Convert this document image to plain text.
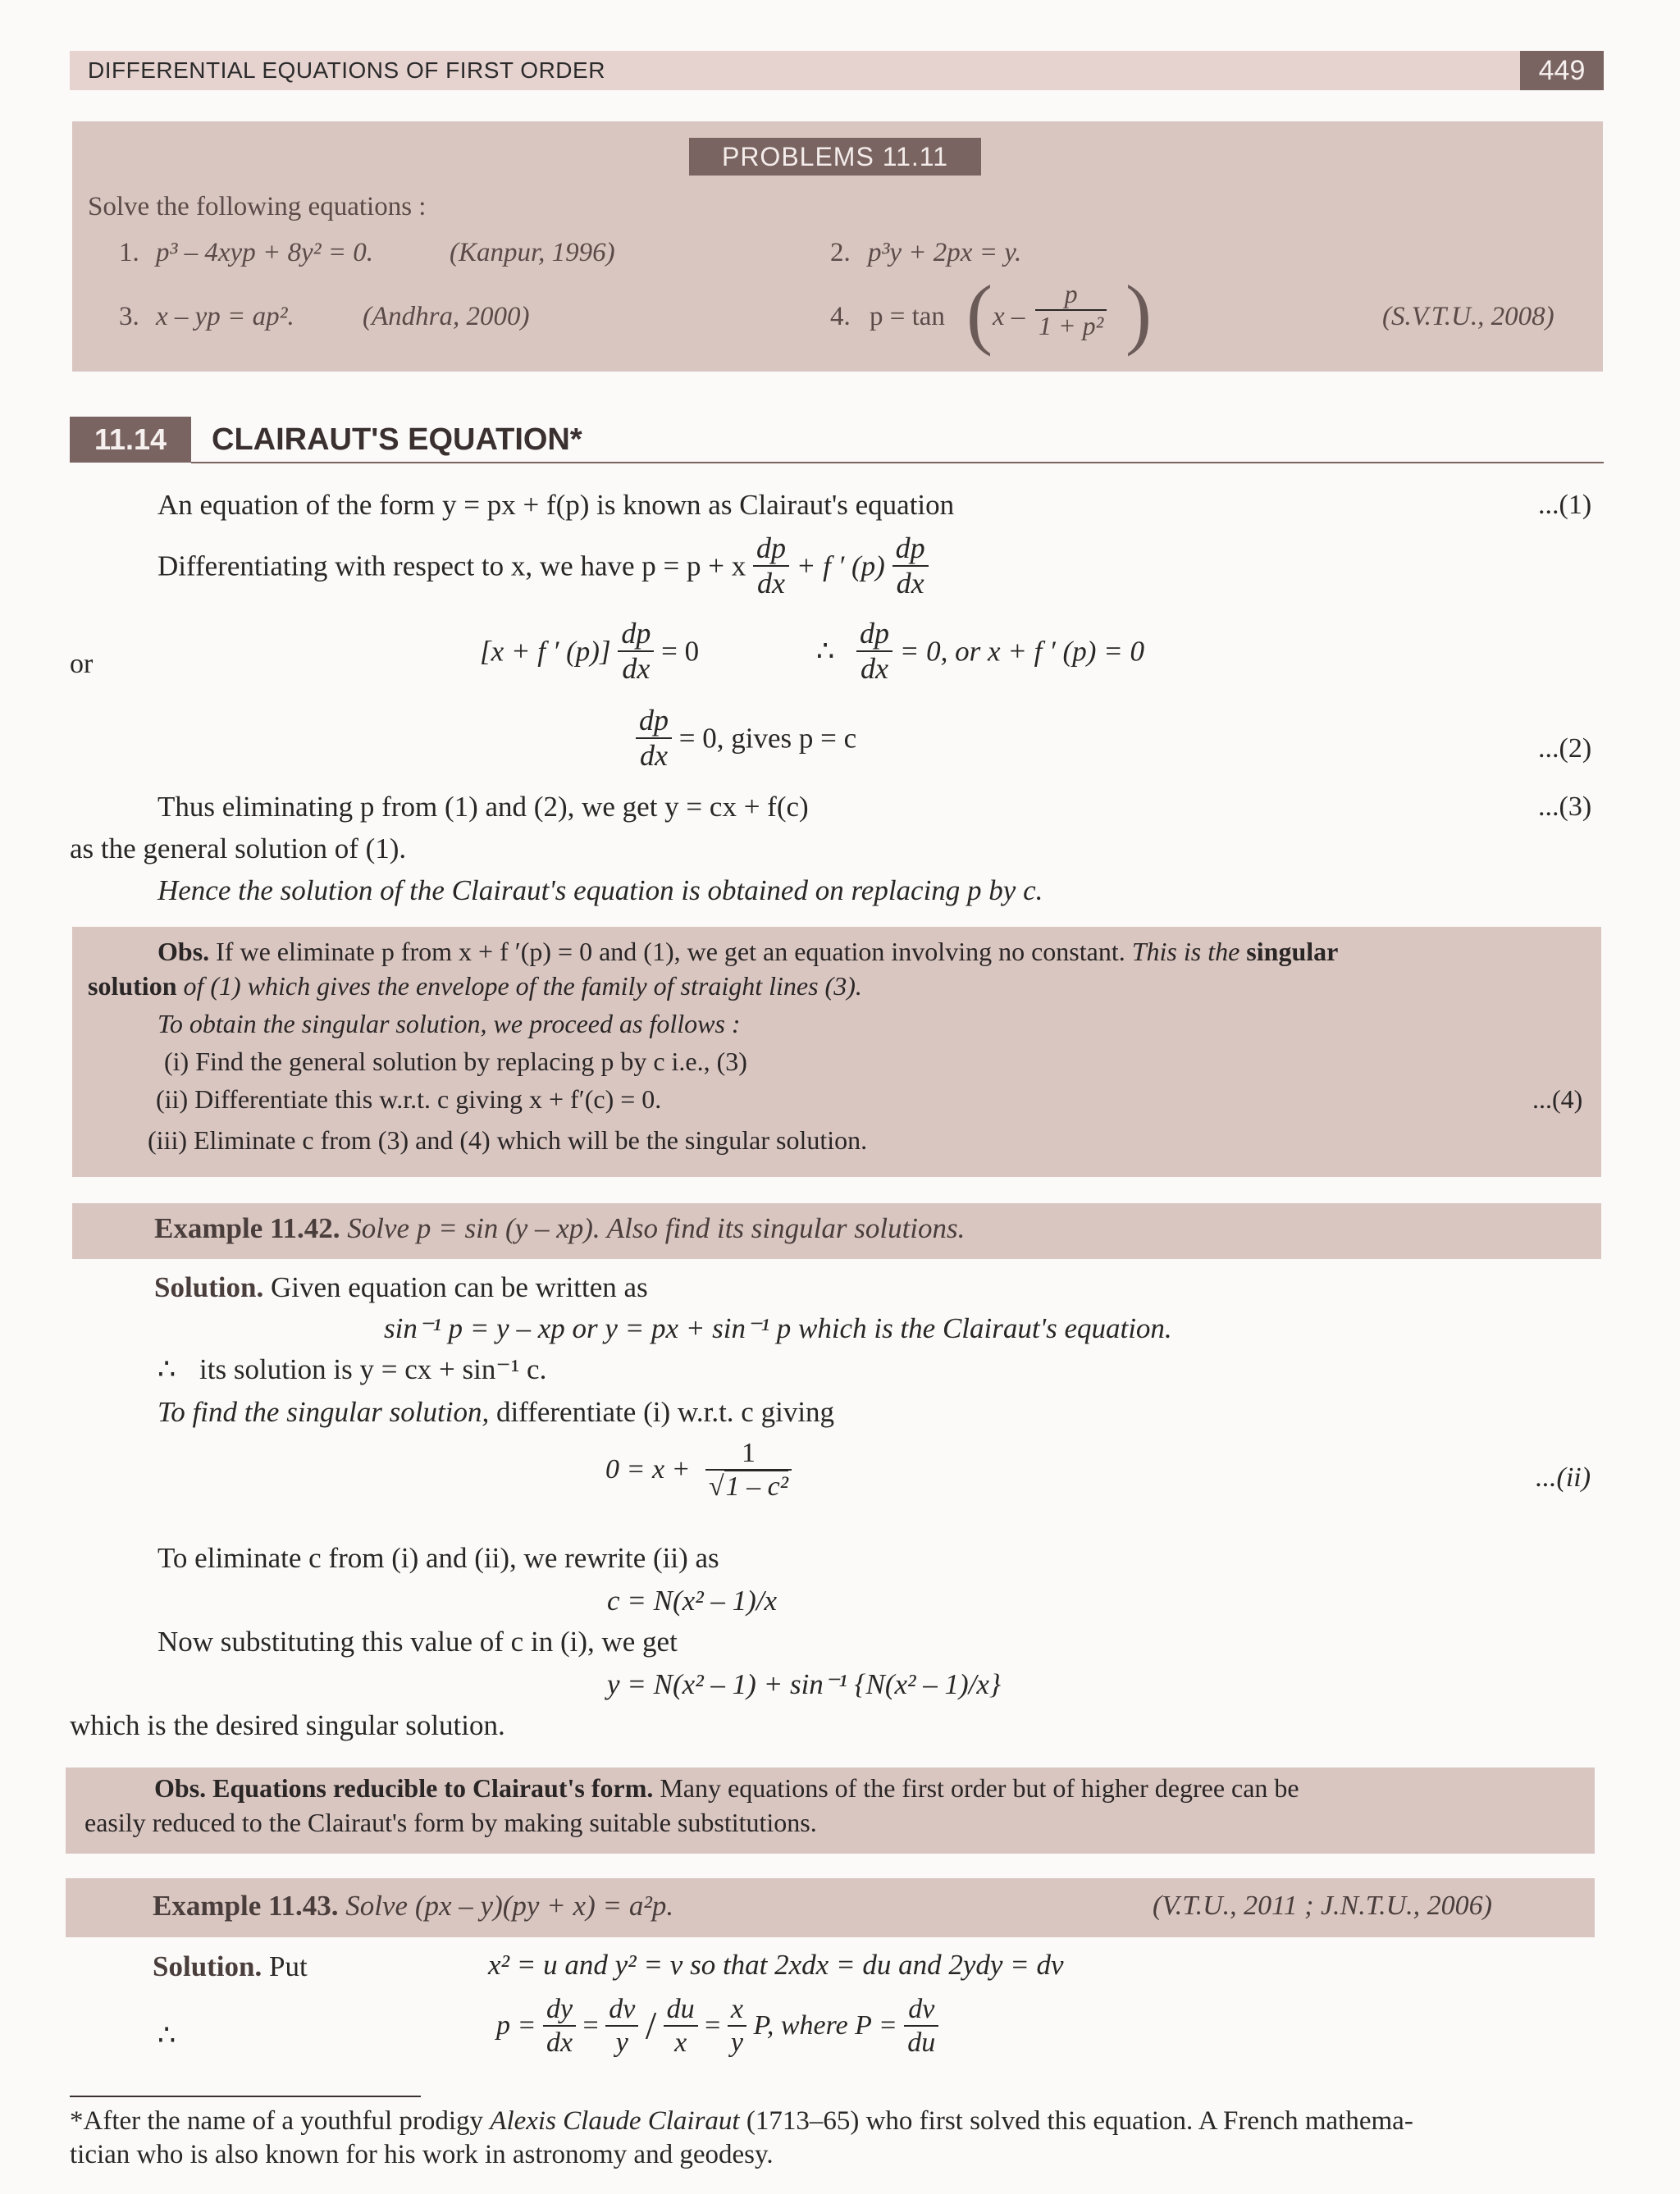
DIFFERENTIAL EQUATIONS OF FIRST ORDER	449
PROBLEMS 11.11
Solve the following equations :
1. p³ – 4xyp + 8y² = 0.	(Kanpur, 1996)	2. p³y + 2px = y.
3. x – yp = ap².	(Andhra, 2000)	4. p = tan ( x – $\frac{p}{\text{1 + p²}}$ )	(S.V.T.U., 2008)
11.14	CLAIRAUT'S EQUATION*
An equation of the form y = px + f(p) is known as Clairaut's equation	...(1)
Differentiating with respect to x, we have p = p + x $\frac{dp}{dx} + f$ ′ $(p) \frac{dp}{dx}$
or	[x + f ′ $(p)] \frac{dp}{dx} = 0$	∴ $\frac{dp}{dx} = 0$, or x + f ′ (p) = 0
$\frac{dp}{dx} = 0$, gives p = c	...(2)
Thus eliminating p from (1) and (2), we get y = cx + f(c)	...(3)
as the general solution of (1).
Hence the solution of the Clairaut's equation is obtained on replacing p by c.
Obs. If we eliminate p from x + f ′(p) = 0 and (1), we get an equation involving no constant. This is the singular
solution of (1) which gives the envelope of the family of straight lines (3).
To obtain the singular solution, we proceed as follows :
(i) Find the general solution by replacing p by c i.e., (3)
(ii) Differentiate this w.r.t. c giving x + f′(c) = 0.	...(4)
(iii) Eliminate c from (3) and (4) which will be the singular solution.
Example 11.42. Solve p = sin (y – xp). Also find its singular solutions.
Solution. Given equation can be written as
sin⁻¹ p = y – xp or y = px + sin⁻¹ p which is the Clairaut's equation.
∴ its solution is y = cx + sin⁻¹ c.
To find the singular solution, differentiate (i) w.r.t. c giving
$0 = x + \frac{1}{\text{√1 – c²}}$	...(ii)
To eliminate c from (i) and (ii), we rewrite (ii) as
c = N(x² – 1)/x
Now substituting this value of c in (i), we get
y = N(x² – 1) + sin⁻¹ {N(x² – 1)/x}
which is the desired singular solution.
Obs. Equations reducible to Clairaut's form. Many equations of the first order but of higher degree can be
easily reduced to the Clairaut's form by making suitable substitutions.
Example 11.43. Solve (px – y)(py + x) = a²p.	(V.T.U., 2011 ; J.N.T.U., 2006)
Solution. Put	x² = u and y² = v so that 2xdx = du and 2ydy = dv
∴	$p = \frac{dy}{dx} = \frac{dv}{y} / \frac{du}{x} = \frac{x}{y} P$, where $P = \frac{dv}{du}$
*After the name of a youthful prodigy Alexis Claude Clairaut (1713–65) who first solved this equation. A French mathema-
tician who is also known for his work in astronomy and geodesy.
